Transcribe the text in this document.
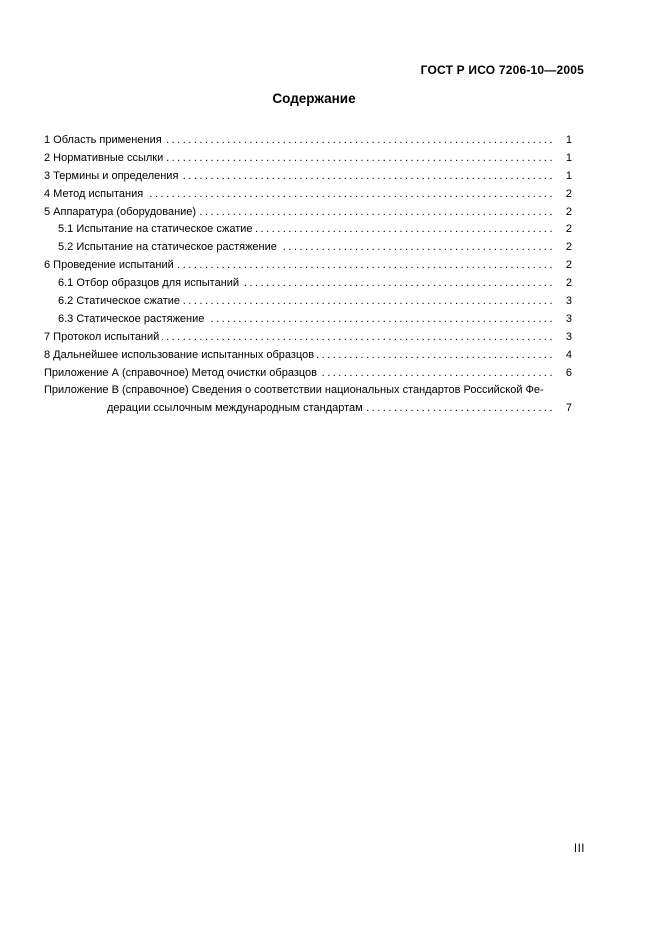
ГОСТ Р ИСО 7206-10—2005
Содержание
1 Область применения .....	1
2 Нормативные ссылки .....	1
3 Термины и определения .....	1
4 Метод испытания .....	2
5 Аппаратура (оборудование) .....	2
5.1 Испытание на статическое сжатие .....	2
5.2 Испытание на статическое растяжение .....	2
6 Проведение испытаний .....	2
6.1 Отбор образцов для испытаний .....	2
6.2 Статическое сжатие .....	3
6.3 Статическое растяжение .....	3
7 Протокол испытаний .....	3
8 Дальнейшее использование испытанных образцов .....	4
Приложение А (справочное) Метод очистки образцов .....	6
Приложение В (справочное) Сведения о соответствии национальных стандартов Российской Фе-
дерации ссылочным международным стандартам .....	7
III
